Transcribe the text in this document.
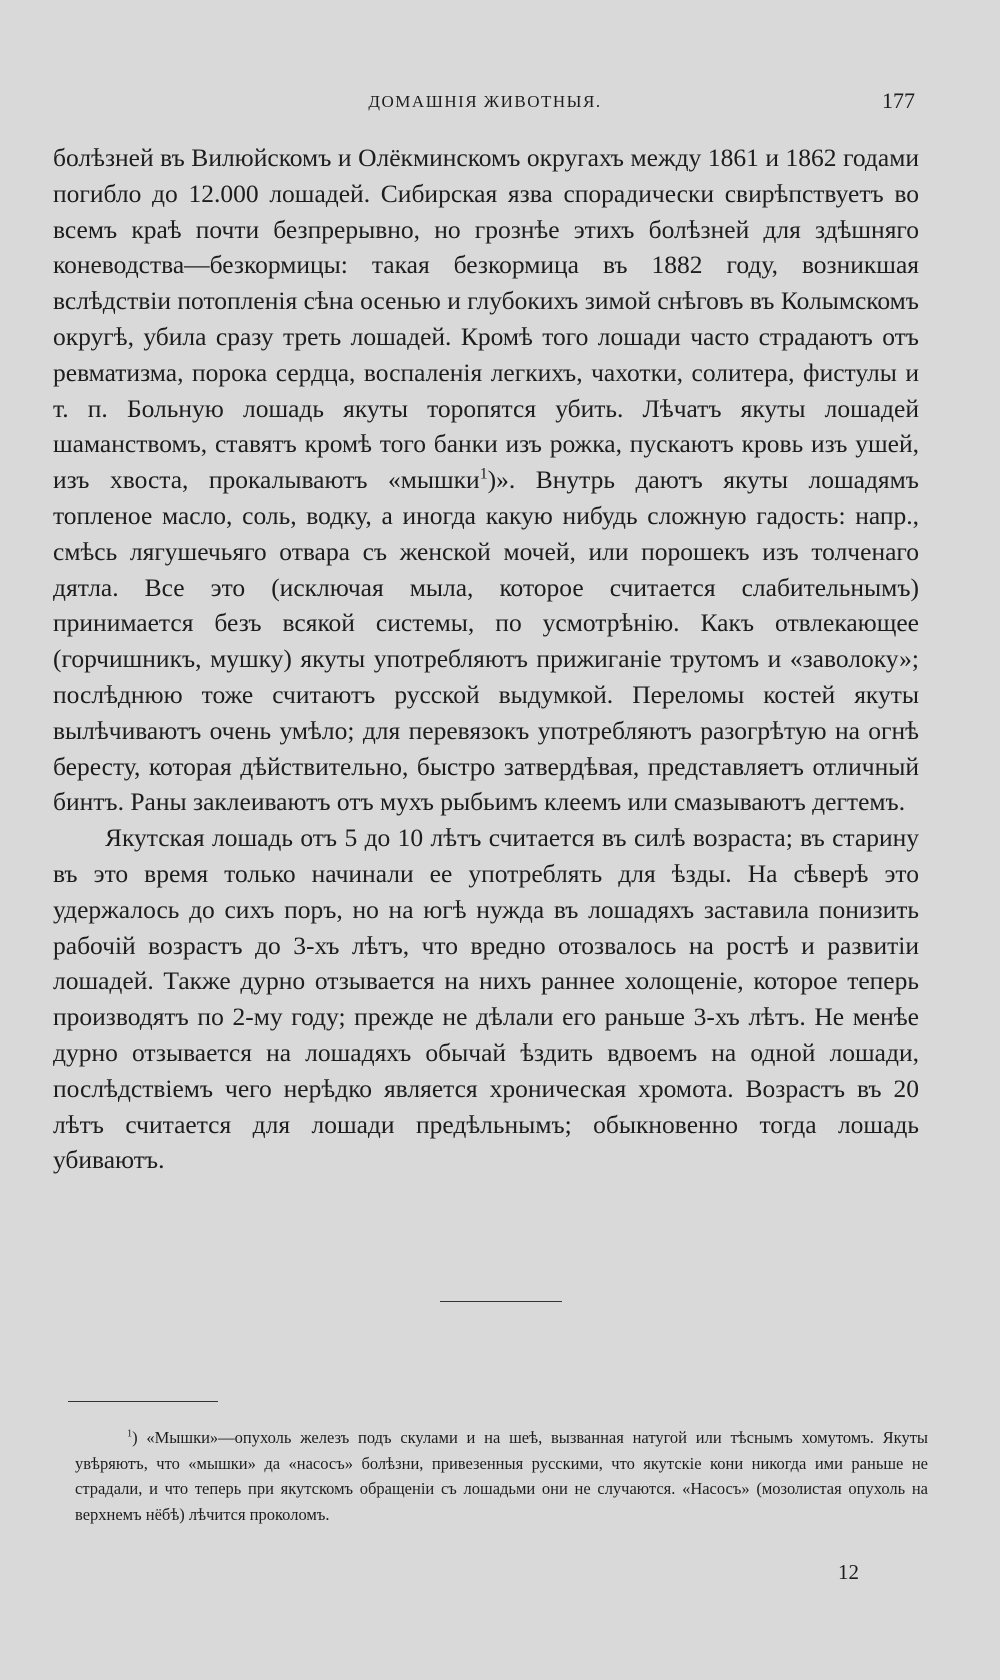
ДОМАШНІЯ ЖИВОТНЫЯ.	177

болѣзней въ Вилюйскомъ и Олёкминскомъ округахъ между 1861 и 1862 годами погибло до 12.000 лошадей. Сибирская язва спорадически свирѣпствуетъ во всемъ краѣ почти безпрерывно, но грознѣе этихъ болѣзней для здѣшняго коневодства—безкормицы: такая безкормица въ 1882 году, возникшая вслѣдствіи потопленія сѣна осенью и глубокихъ зимой снѣговъ въ Колымскомъ округѣ, убила сразу треть лошадей. Кромѣ того лошади часто страдаютъ отъ ревматизма, порока сердца, воспаленія легкихъ, чахотки, солитера, фистулы и т. п. Больную лошадь якуты торопятся убить. Лѣчатъ якуты лошадей шаманствомъ, ставятъ кромѣ того банки изъ рожка, пускаютъ кровь изъ ушей, изъ хвоста, прокалываютъ «мышки$^1$)». Внутрь даютъ якуты лошадямъ топленое масло, соль, водку, а иногда какую нибудь сложную гадость: напр., смѣсь лягушечьяго отвара съ женской мочей, или порошекъ изъ толченаго дятла. Все это (исключая мыла, которое считается слабительнымъ) принимается безъ всякой системы, по усмотрѣнію. Какъ отвлекающее (горчишникъ, мушку) якуты употребляютъ прижиганіе трутомъ и «заволоку»; послѣднюю тоже считаютъ русской выдумкой. Переломы костей якуты вылѣчиваютъ очень умѣло; для перевязокъ употребляютъ разогрѣтую на огнѣ бересту, которая дѣйствительно, быстро затвердѣвая, представляетъ отличный бинтъ. Раны заклеиваютъ отъ мухъ рыбьимъ клеемъ или смазываютъ дегтемъ.

Якутская лошадь отъ 5 до 10 лѣтъ считается въ силѣ возраста; въ старину въ это время только начинали ее употреблять для ѣзды. На сѣверѣ это удержалось до сихъ поръ, но на югѣ нужда въ лошадяхъ заставила понизить рабочій возрастъ до 3-хъ лѣтъ, что вредно отозвалось на ростѣ и развитіи лошадей. Также дурно отзывается на нихъ раннее холощеніе, которое теперь производятъ по 2-му году; прежде не дѣлали его раньше 3-хъ лѣтъ. Не менѣе дурно отзывается на лошадяхъ обычай ѣздить вдвоемъ на одной лошади, послѣдствіемъ чего нерѣдко является хроническая хромота. Возрастъ въ 20 лѣтъ считается для лошади предѣльнымъ; обыкновенно тогда лошадь убиваютъ.

$^1$) «Мышки»—опухоль железъ подъ скулами и на шеѣ, вызванная натугой или тѣснымъ хомутомъ. Якуты увѣряютъ, что «мышки» да «насосъ» болѣзни, привезенныя русскими, что якутскіе кони никогда ими раньше не страдали, и что теперь при якутскомъ обращеніи съ лошадьми они не случаются. «Насосъ» (мозолистая опухоль на верхнемъ нёбѣ) лѣчится проколомъ.

12
